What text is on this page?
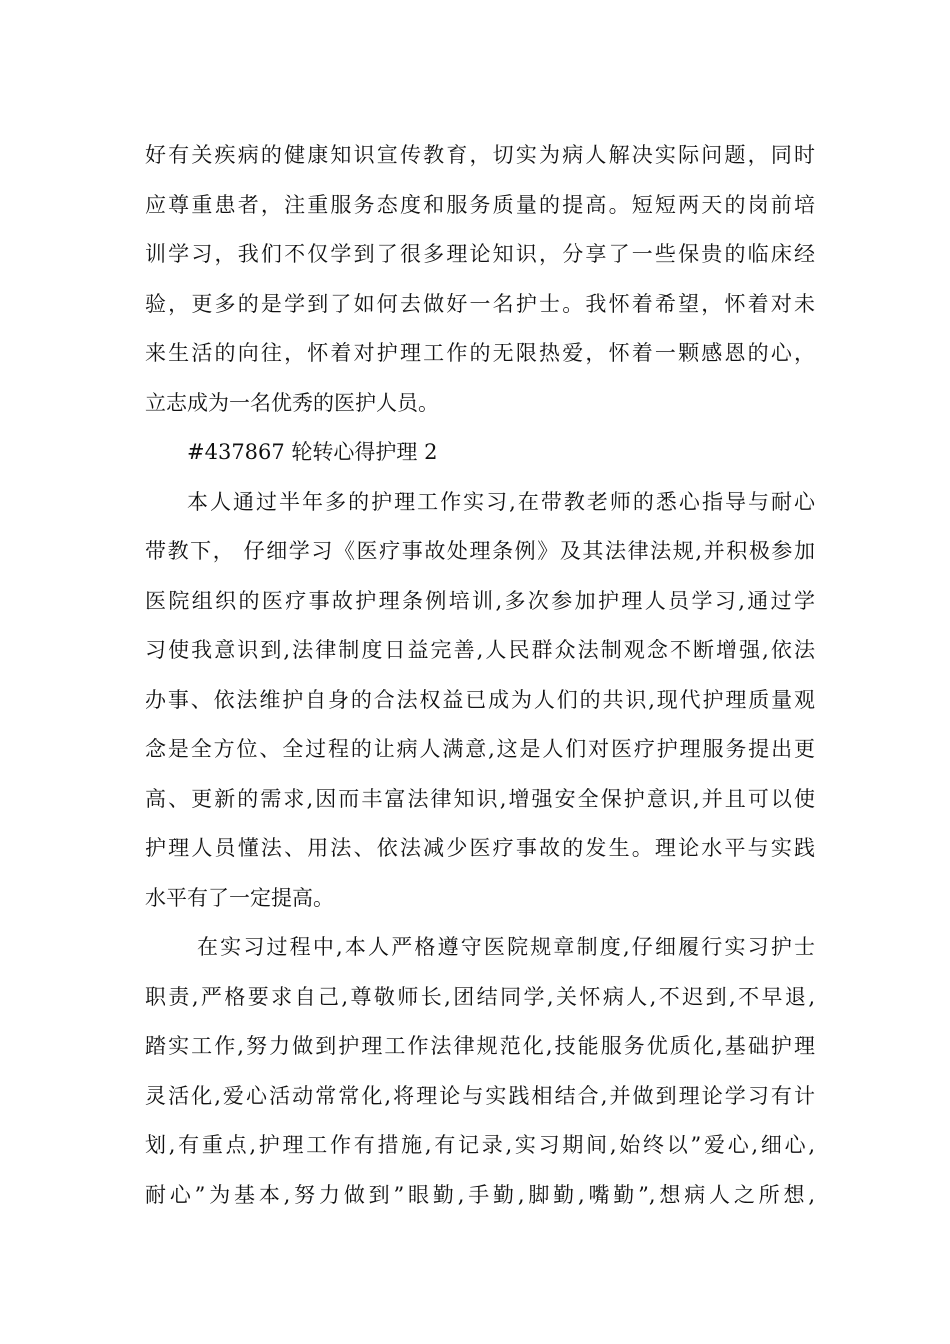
好有关疾病的健康知识宣传教育，切实为病人解决实际问题，同时
应尊重患者，注重服务态度和服务质量的提高。短短两天的岗前培
训学习，我们不仅学到了很多理论知识，分享了一些保贵的临床经
验，更多的是学到了如何去做好一名护士。我怀着希望，怀着对未
来生活的向往，怀着对护理工作的无限热爱，怀着一颗感恩的心，
立志成为一名优秀的医护人员。
#437867 轮转心得护理 2
本人通过半年多的护理工作实习,在带教老师的悉心指导与耐心
带教下， 仔细学习《医疗事故处理条例》及其法律法规,并积极参加
医院组织的医疗事故护理条例培训,多次参加护理人员学习,通过学
习使我意识到,法律制度日益完善,人民群众法制观念不断增强,依法
办事、依法维护自身的合法权益已成为人们的共识,现代护理质量观
念是全方位、全过程的让病人满意,这是人们对医疗护理服务提出更
高、更新的需求,因而丰富法律知识,增强安全保护意识,并且可以使
护理人员懂法、用法、依法减少医疗事故的发生。理论水平与实践
水平有了一定提高。
在实习过程中,本人严格遵守医院规章制度,仔细履行实习护士
职责,严格要求自己,尊敬师长,团结同学,关怀病人,不迟到,不早退,
踏实工作,努力做到护理工作法律规范化,技能服务优质化,基础护理
灵活化,爱心活动常常化,将理论与实践相结合,并做到理论学习有计
划,有重点,护理工作有措施,有记录,实习期间,始终以”爱心,细心,
耐心”为基本,努力做到”眼勤,手勤,脚勤,嘴勤”,想病人之所想,
